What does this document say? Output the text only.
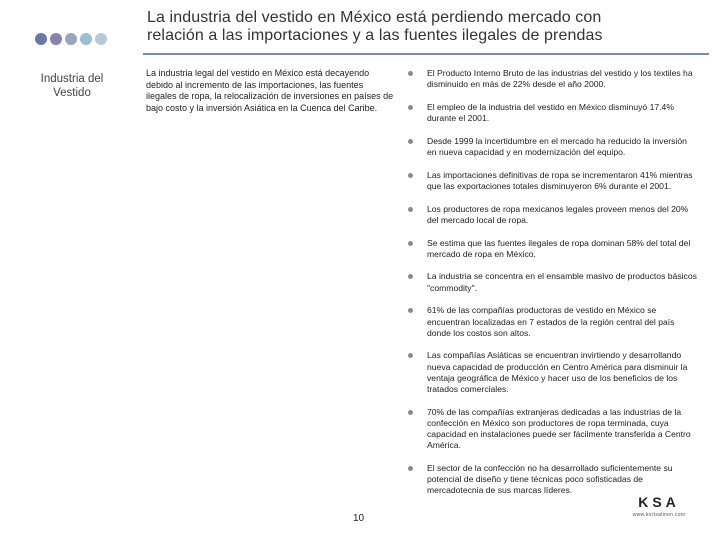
La industria del vestido en México está perdiendo mercado con
relación a las importaciones y a las fuentes ilegales de prendas
Industria del
Vestido
La industria legal del vestido en México está decayendo debido al incremento de las importaciones, las fuentes ilegales de ropa, la relocalización de inversiones en países de bajo costo y la inversión Asiática en la Cuenca del Caribe.
El Producto Interno Bruto de las industrias del vestido y los textiles ha disminuido en más de 22% desde el año 2000.
El empleo de la industria del vestido en México disminuyó 17.4% durante el 2001.
Desde 1999 la incertidumbre en el mercado ha reducido la inversión en nueva capacidad y en modernización del equipo.
Las importaciones definitivas de ropa se incrementaron 41% mientras que las exportaciones totales disminuyeron 6% durante el 2001.
Los productores de ropa mexicanos legales proveen menos del 20% del mercado local de ropa.
Se estima que las fuentes ilegales de ropa dominan 58% del total del mercado de ropa en México.
La industria se concentra en el ensamble masivo de productos básicos "commodity".
61% de las compañías productoras de vestido en México se encuentran localizadas en 7 estados de la región central del país donde los costos son altos.
Las compañías Asiáticas se encuentran invirtiendo y desarrollando nueva capacidad de producción en Centro América para disminuir la ventaja geográfica de México y hacer uso de los beneficios de los tratados comerciales.
70% de las compañías extranjeras dedicadas a las industrias de la confección en México son productores de ropa terminada, cuya capacidad en instalaciones puede ser fácilmente transferida a Centro América.
El sector de la confección no ha desarrollado suficientemente su potencial de diseño y tiene técnicas poco sofisticadas de mercadotecnia de sus marcas líderes.
10
KSA
www.kurtsalmon.com
